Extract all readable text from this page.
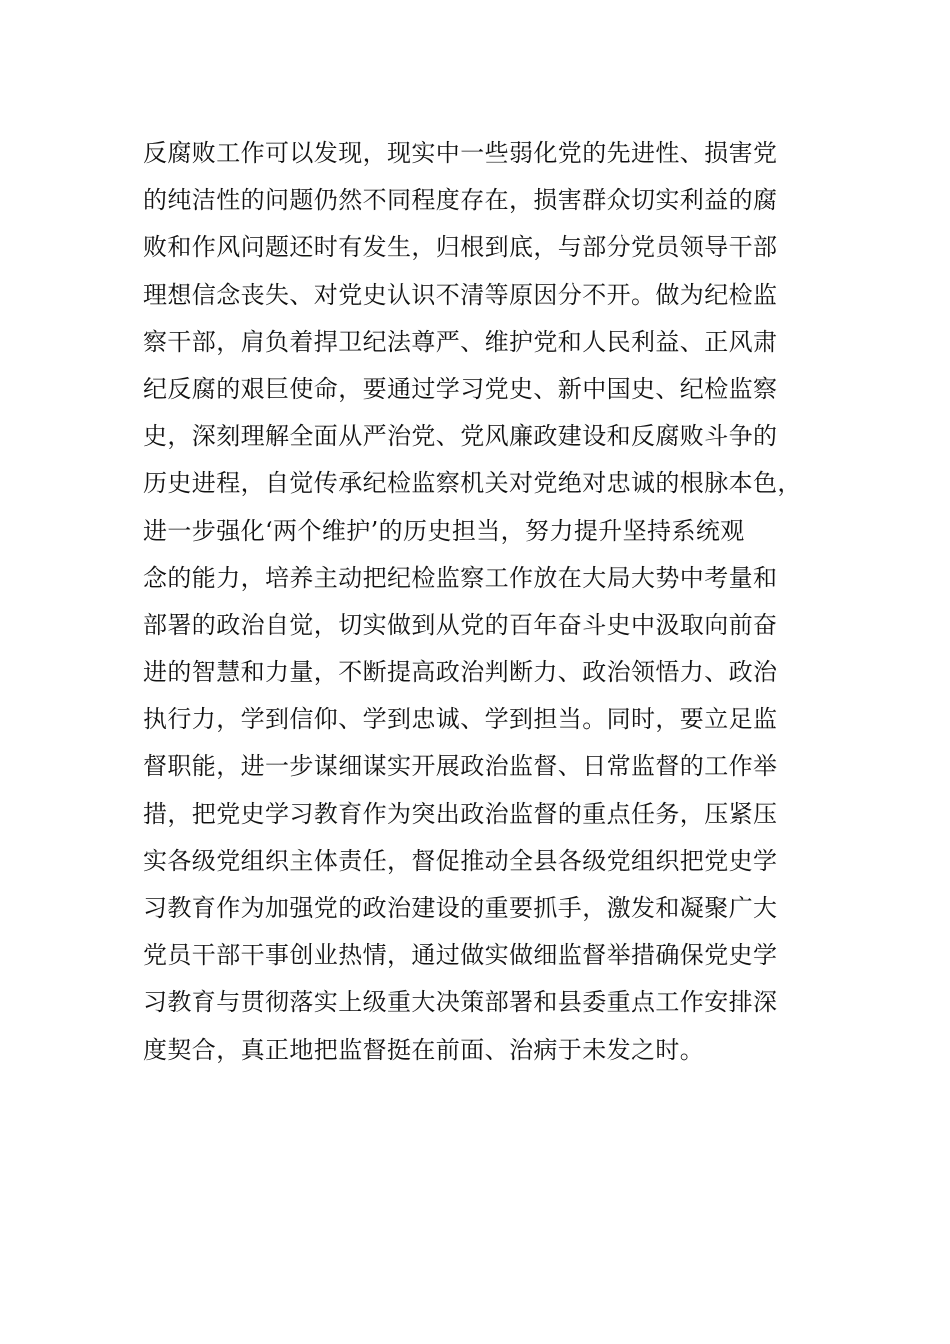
反腐败工作可以发现，现实中一些弱化党的先进性、损害党
的纯洁性的问题仍然不同程度存在，损害群众切实利益的腐
败和作风问题还时有发生，归根到底，与部分党员领导干部
理想信念丧失、对党史认识不清等原因分不开。做为纪检监
察干部，肩负着捍卫纪法尊严、维护党和人民利益、正风肃
纪反腐的艰巨使命，要通过学习党史、新中国史、纪检监察
史，深刻理解全面从严治党、党风廉政建设和反腐败斗争的
历史进程，自觉传承纪检监察机关对党绝对忠诚的根脉本色，
进一步强化‘两个维护’的历史担当，努力提升坚持系统观
念的能力，培养主动把纪检监察工作放在大局大势中考量和
部署的政治自觉，切实做到从党的百年奋斗史中汲取向前奋
进的智慧和力量，不断提高政治判断力、政治领悟力、政治
执行力，学到信仰、学到忠诚、学到担当。同时，要立足监
督职能，进一步谋细谋实开展政治监督、日常监督的工作举
措，把党史学习教育作为突出政治监督的重点任务，压紧压
实各级党组织主体责任，督促推动全县各级党组织把党史学
习教育作为加强党的政治建设的重要抓手，激发和凝聚广大
党员干部干事创业热情，通过做实做细监督举措确保党史学
习教育与贯彻落实上级重大决策部署和县委重点工作安排深
度契合，真正地把监督挺在前面、治病于未发之时。
